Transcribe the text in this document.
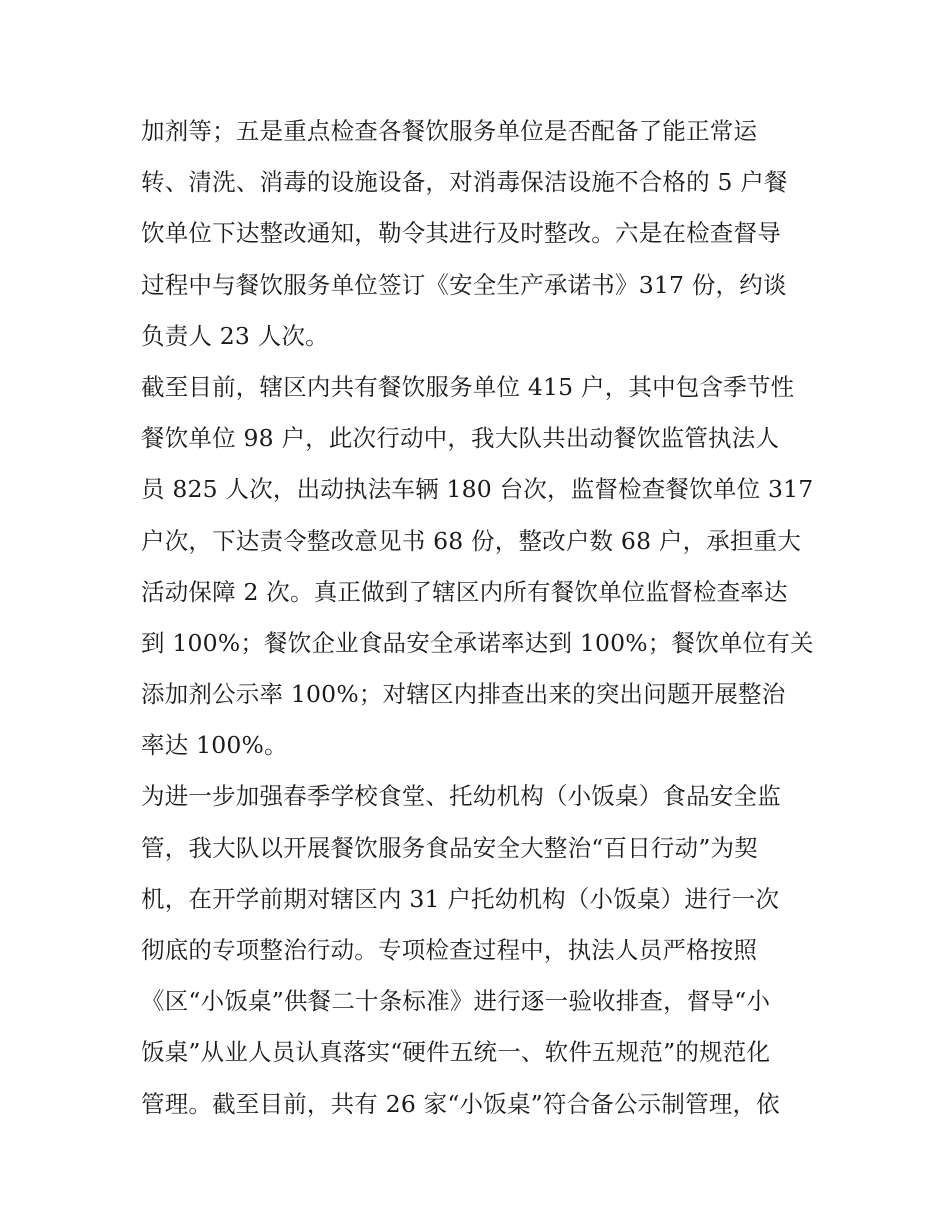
加剂等；五是重点检查各餐饮服务单位是否配备了能正常运
转、清洗、消毒的设施设备，对消毒保洁设施不合格的 5 户餐
饮单位下达整改通知，勒令其进行及时整改。六是在检查督导
过程中与餐饮服务单位签订《安全生产承诺书》317 份，约谈
负责人 23 人次。
截至目前，辖区内共有餐饮服务单位 415 户，其中包含季节性
餐饮单位 98 户，此次行动中，我大队共出动餐饮监管执法人
员 825 人次，出动执法车辆 180 台次，监督检查餐饮单位 317
户次，下达责令整改意见书 68 份，整改户数 68 户，承担重大
活动保障 2 次。真正做到了辖区内所有餐饮单位监督检查率达
到 100%；餐饮企业食品安全承诺率达到 100%；餐饮单位有关
添加剂公示率 100%；对辖区内排查出来的突出问题开展整治
率达 100%。
为进一步加强春季学校食堂、托幼机构（小饭桌）食品安全监
管，我大队以开展餐饮服务食品安全大整治“百日行动”为契
机，在开学前期对辖区内 31 户托幼机构（小饭桌）进行一次
彻底的专项整治行动。专项检查过程中，执法人员严格按照
《区“小饭桌”供餐二十条标准》进行逐一验收排查，督导“小
饭桌”从业人员认真落实“硬件五统一、软件五规范”的规范化
管理。截至目前，共有 26 家“小饭桌”符合备公示制管理，依
